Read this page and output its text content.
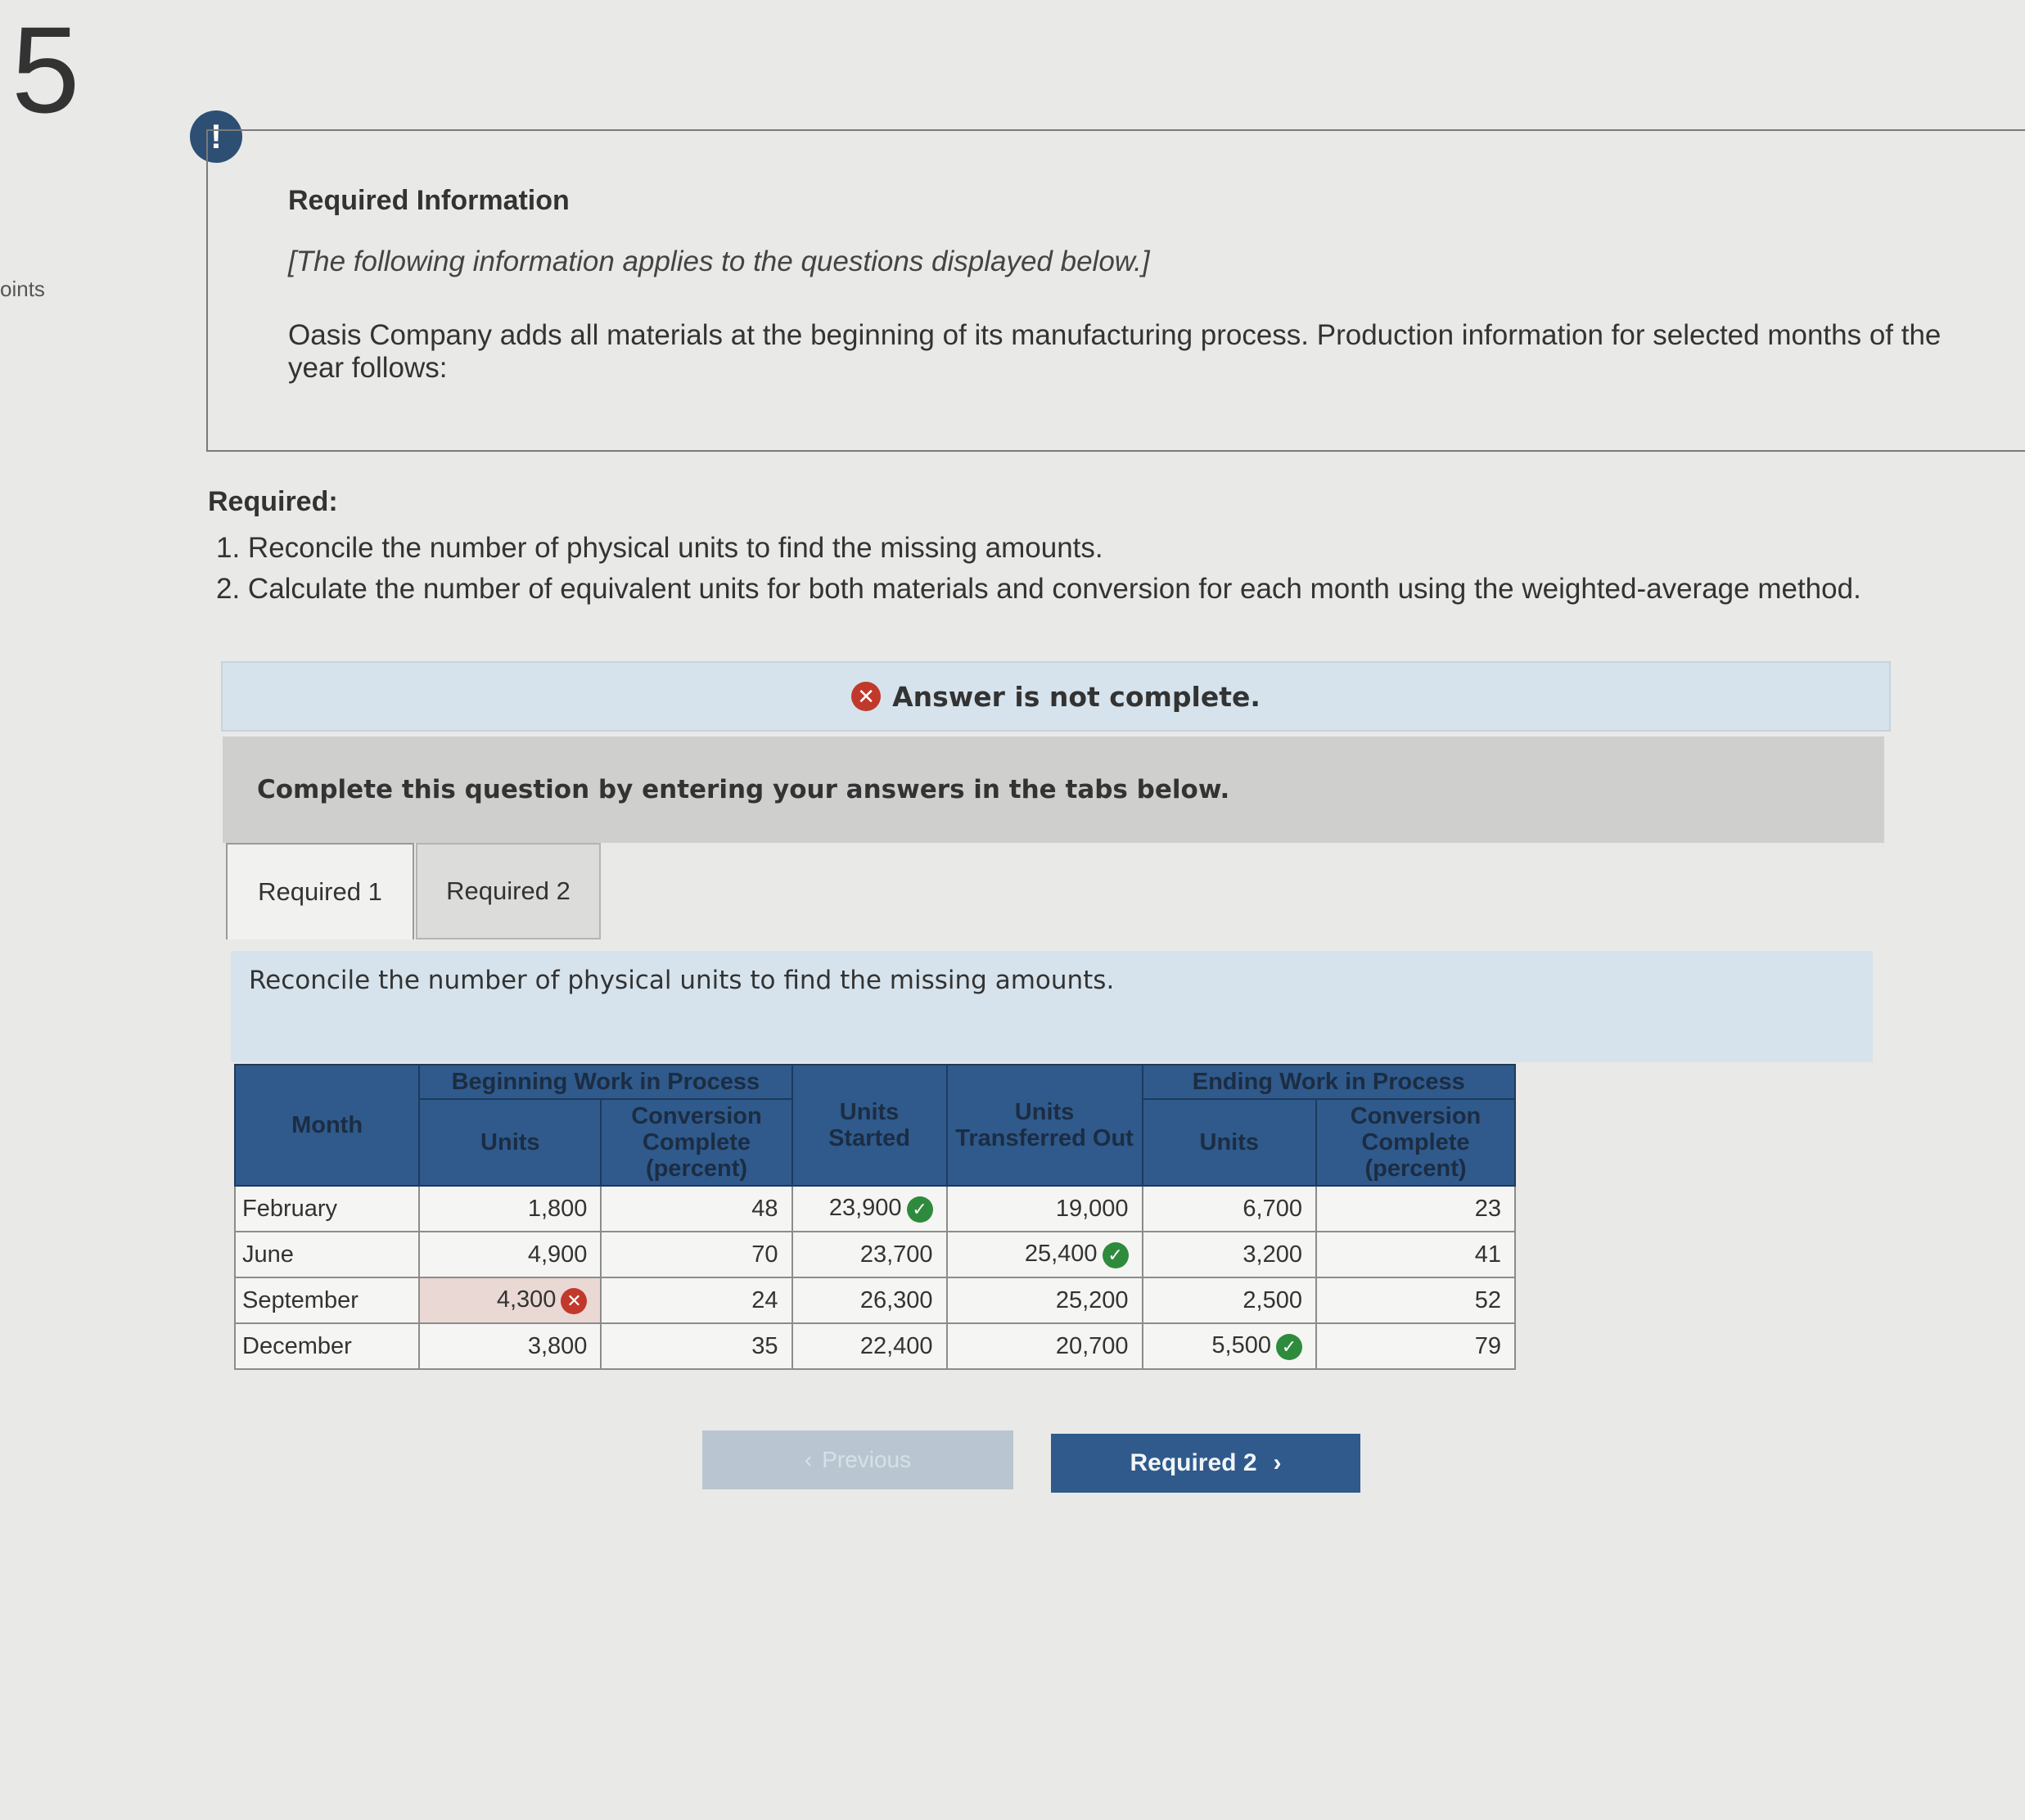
5
oints
!
Required Information
[The following information applies to the questions displayed below.]
Oasis Company adds all materials at the beginning of its manufacturing process. Production information for selected months of the year follows:
Required:
1. Reconcile the number of physical units to find the missing amounts.
2. Calculate the number of equivalent units for both materials and conversion for each month using the weighted-average method.
✕ Answer is not complete.
Complete this question by entering your answers in the tabs below.
Required 1	Required 2
Reconcile the number of physical units to find the missing amounts.
Month	Beginning Work in Process		Units Started	Units Transferred Out	Ending Work in Process	
	Units	Conversion Complete (percent)			Units	Conversion Complete (percent)
February	1,800	48	23,900 ✓	19,000	6,700	23
June	4,900	70	23,700	25,400 ✓	3,200	41
September	4,300 ✕	24	26,300	25,200	2,500	52
December	3,800	35	22,400	20,700	5,500 ✓	79
‹ Previous	Required 2 ›
